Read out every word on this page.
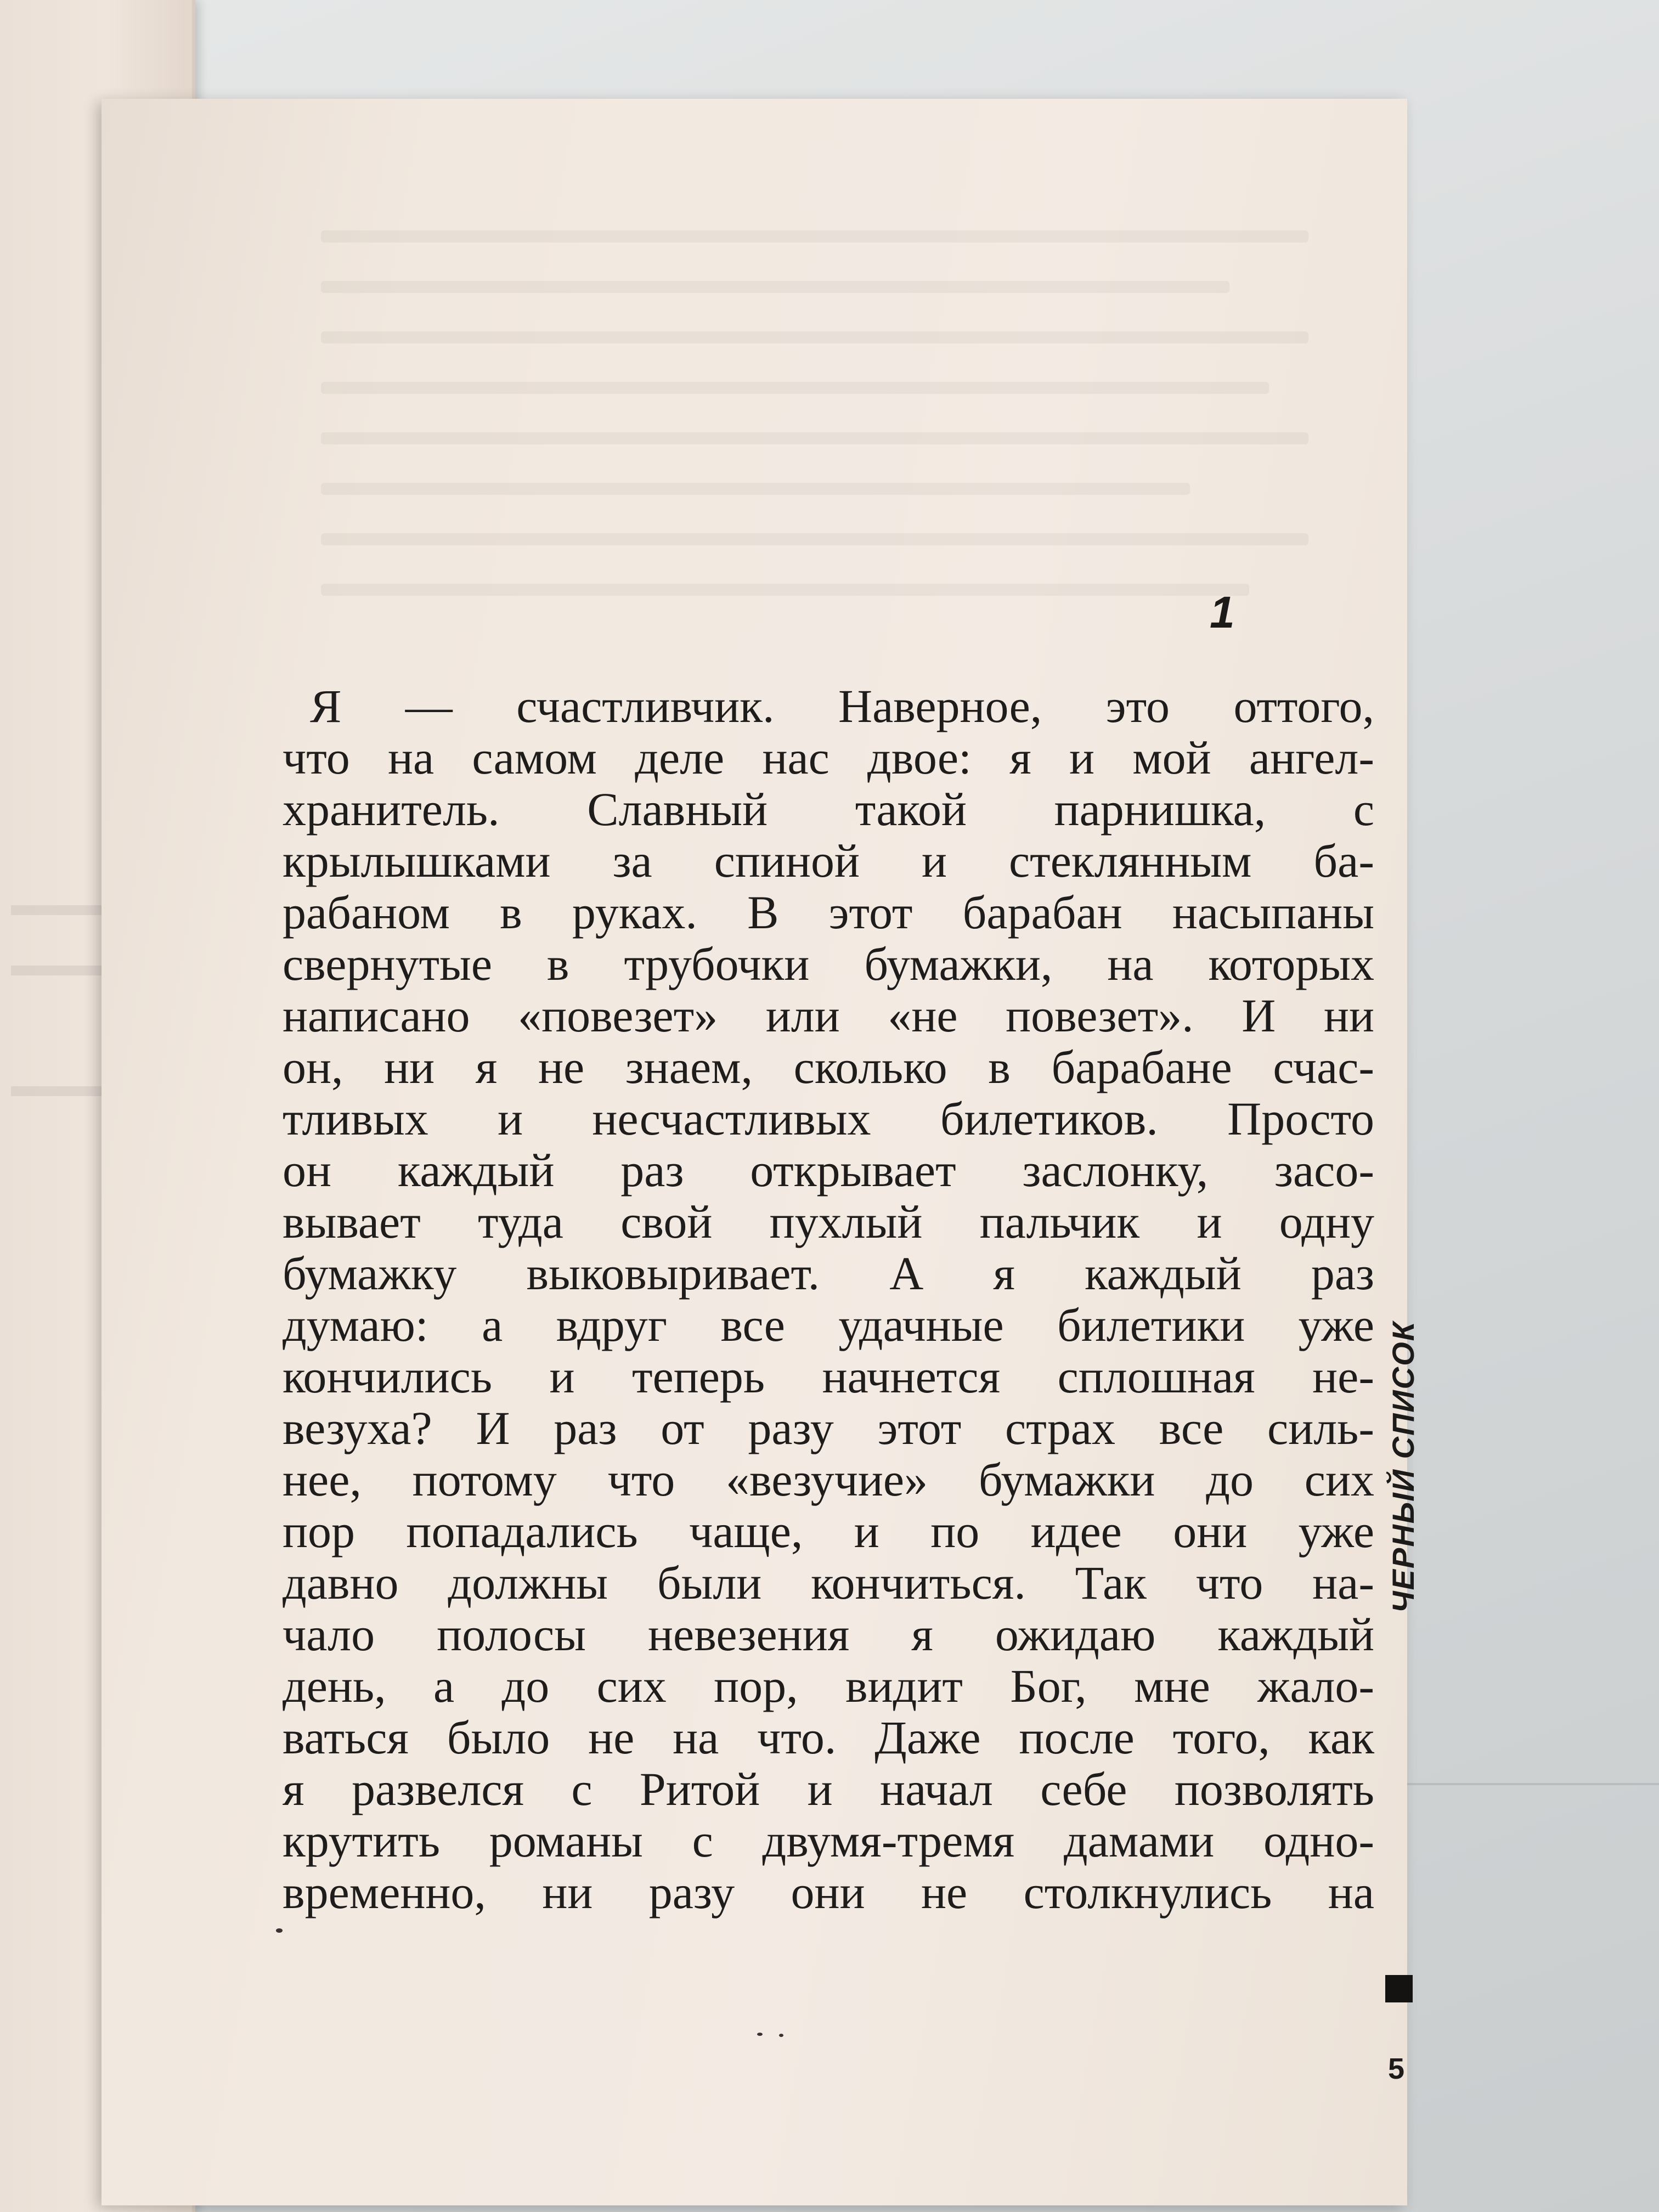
1
Я — счастливчик. Наверное, это оттого,
что на самом деле нас двое: я и мой ангел-
хранитель. Славный такой парнишка, с
крылышками за спиной и стеклянным ба-
рабаном в руках. В этот барабан насыпаны
свернутые в трубочки бумажки, на которых
написано «повезет» или «не повезет». И ни
он, ни я не знаем, сколько в барабане счас-
тливых и несчастливых билетиков. Просто
он каждый раз открывает заслонку, засо-
вывает туда свой пухлый пальчик и одну
бумажку выковыривает. А я каждый раз
думаю: а вдруг все удачные билетики уже
кончились и теперь начнется сплошная не-
везуха? И раз от разу этот страх все силь-
нее, потому что «везучие» бумажки до сих
пор попадались чаще, и по идее они уже
давно должны были кончиться. Так что на-
чало полосы невезения я ожидаю каждый
день, а до сих пор, видит Бог, мне жало-
ваться было не на что. Даже после того, как
я развелся с Ритой и начал себе позволять
крутить романы с двумя-тремя дамами одно-
временно, ни разу они не столкнулись на
ЧЕРНЫЙ СПИСОК
5
